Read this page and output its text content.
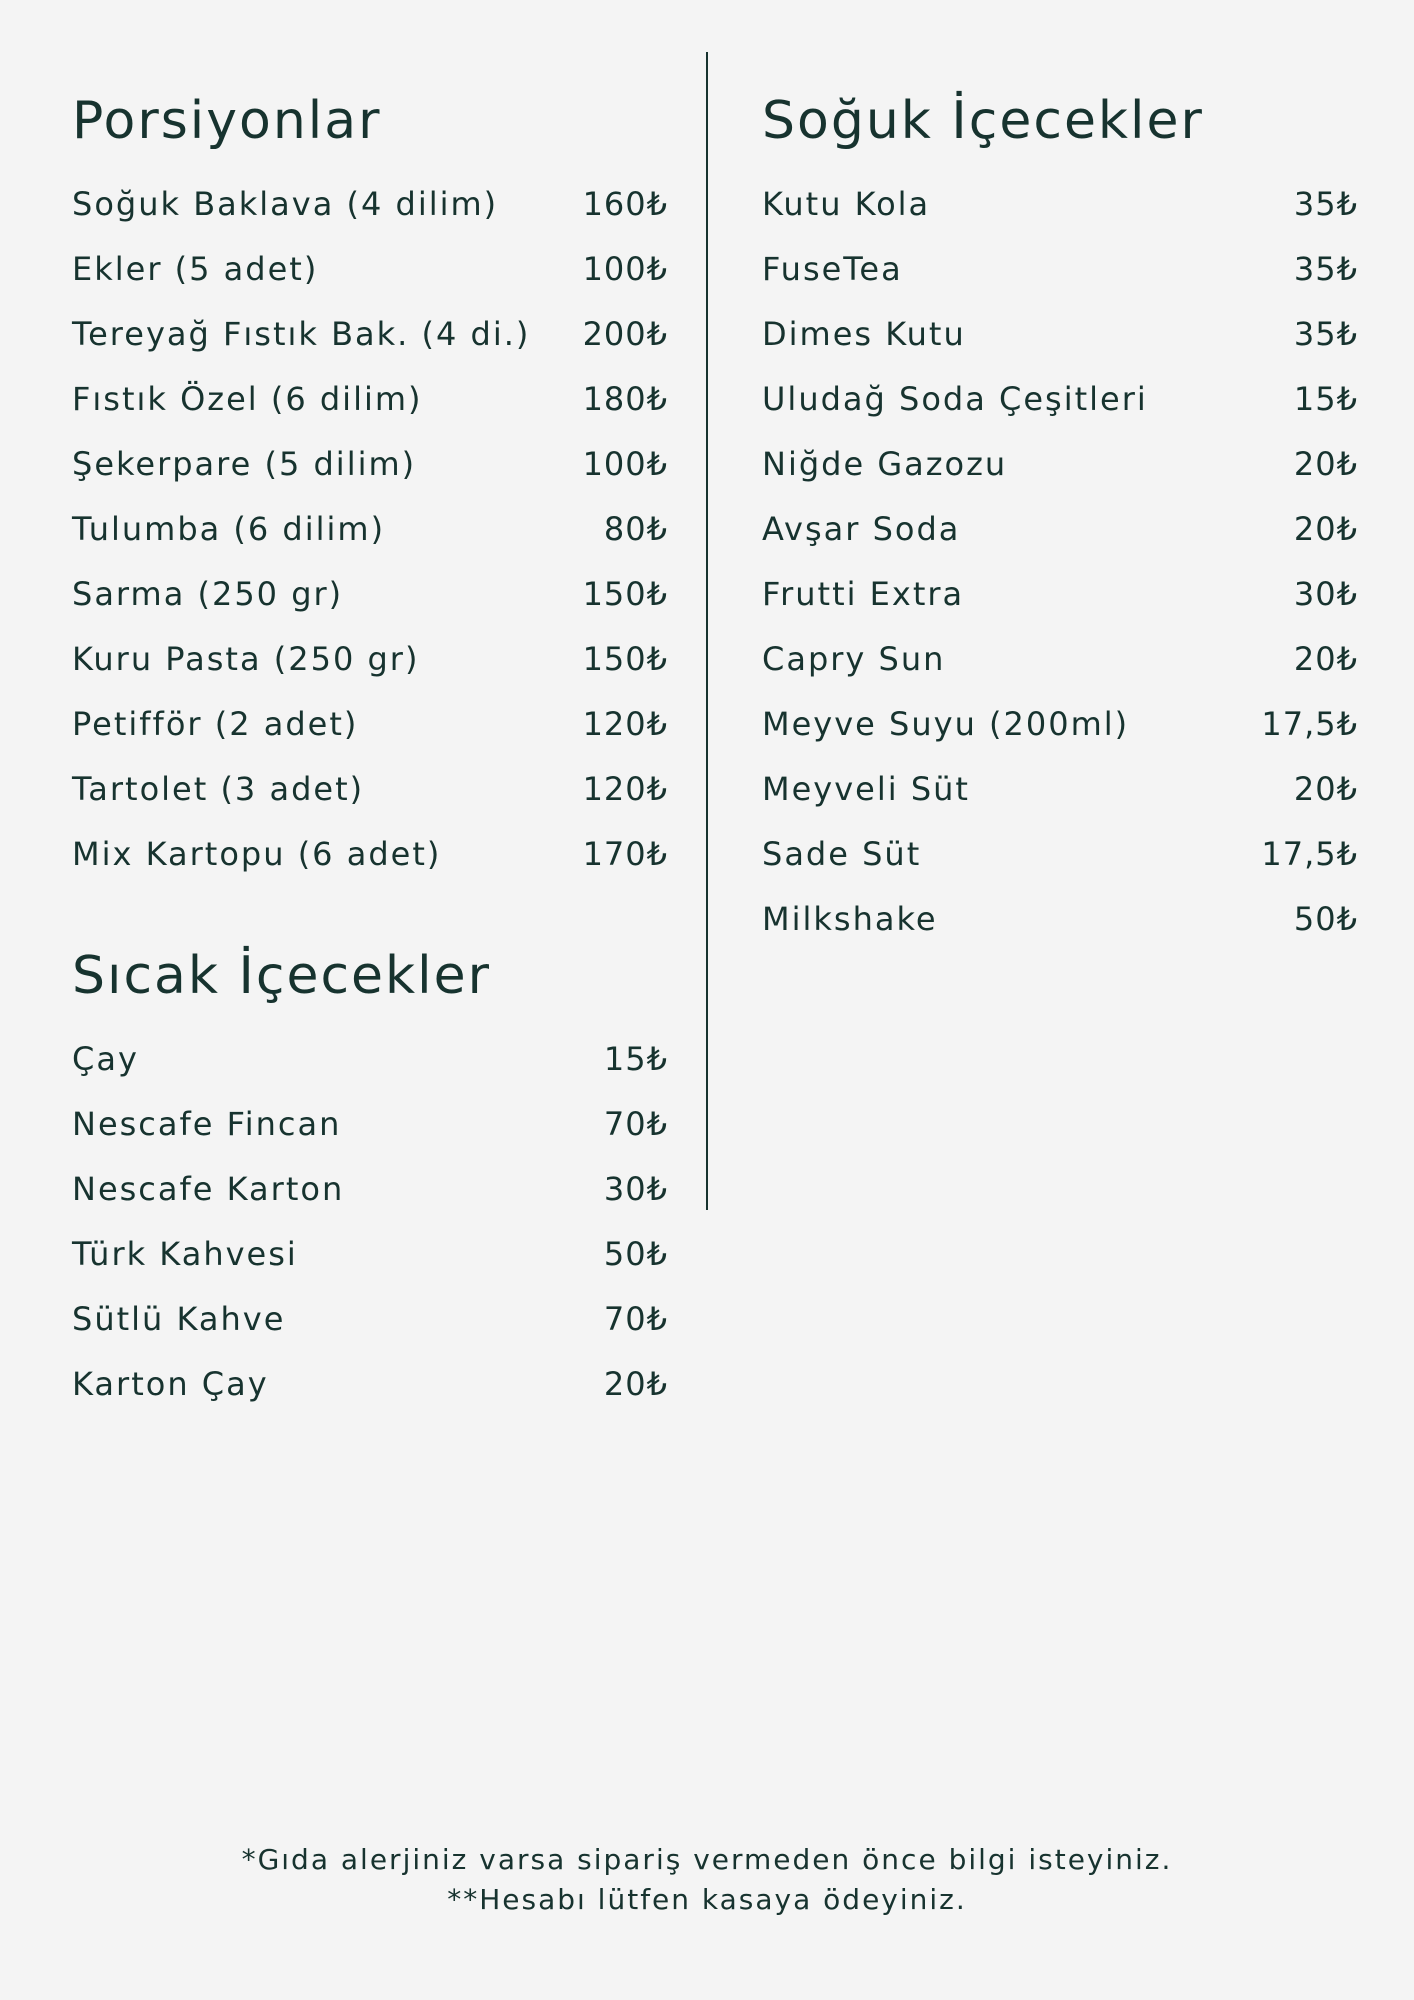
Porsiyonlar
Soğuk Baklava (4 dilim)	160₺
Ekler (5 adet)	100₺
Tereyağ Fıstık Bak. (4 di.) 200₺
Fıstık Özel (6 dilim)	180₺
Şekerpare (5 dilim)	100₺
Tulumba (6 dilim)	80₺
Sarma (250 gr)	150₺
Kuru Pasta (250 gr)	150₺
Petifför (2 adet)	120₺
Tartolet (3 adet)	120₺
Mix Kartopu (6 adet)	170₺
Sıcak İçecekler
Çay	15₺
Nescafe Fincan	70₺
Nescafe Karton	30₺
Türk Kahvesi	50₺
Sütlü Kahve	70₺
Karton Çay	20₺
Soğuk İçecekler
Kutu Kola	35₺
FuseTea	35₺
Dimes Kutu	35₺
Uludağ Soda Çeşitleri	15₺
Niğde Gazozu	20₺
Avşar Soda	20₺
Frutti Extra	30₺
Capry Sun	20₺
Meyve Suyu (200ml)	17,5₺
Meyveli Süt	20₺
Sade Süt	17,5₺
Milkshake	50₺
*Gıda alerjiniz varsa sipariş vermeden önce bilgi isteyiniz.
**Hesabı lütfen kasaya ödeyiniz.
